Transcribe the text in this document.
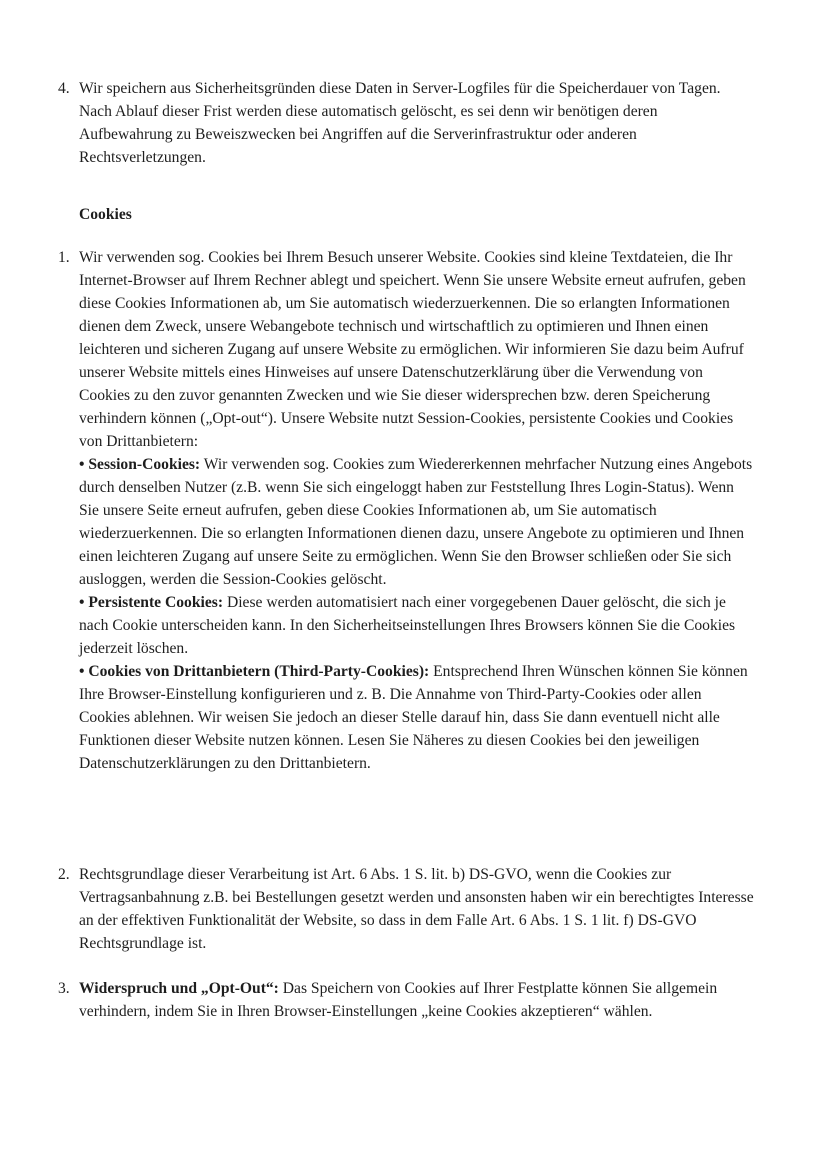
4. Wir speichern aus Sicherheitsgründen diese Daten in Server-Logfiles für die Speicherdauer von Tagen. Nach Ablauf dieser Frist werden diese automatisch gelöscht, es sei denn wir benötigen deren Aufbewahrung zu Beweiszwecken bei Angriffen auf die Serverinfrastruktur oder anderen Rechtsverletzungen.

Cookies
1. Wir verwenden sog. Cookies bei Ihrem Besuch unserer Website. Cookies sind kleine Textdateien, die Ihr Internet-Browser auf Ihrem Rechner ablegt und speichert. Wenn Sie unsere Website erneut aufrufen, geben diese Cookies Informationen ab, um Sie automatisch wiederzuerkennen. Die so erlangten Informationen dienen dem Zweck, unsere Webangebote technisch und wirtschaftlich zu optimieren und Ihnen einen leichteren und sicheren Zugang auf unsere Website zu ermöglichen. Wir informieren Sie dazu beim Aufruf unserer Website mittels eines Hinweises auf unsere Datenschutzerklärung über die Verwendung von Cookies zu den zuvor genannten Zwecken und wie Sie dieser widersprechen bzw. deren Speicherung verhindern können („Opt-out“). Unsere Website nutzt Session-Cookies, persistente Cookies und Cookies von Drittanbietern:

• Session-Cookies: Wir verwenden sog. Cookies zum Wiedererkennen mehrfacher Nutzung eines Angebots durch denselben Nutzer (z.B. wenn Sie sich eingeloggt haben zur Feststellung Ihres Login-Status). Wenn Sie unsere Seite erneut aufrufen, geben diese Cookies Informationen ab, um Sie automatisch wiederzuerkennen. Die so erlangten Informationen dienen dazu, unsere Angebote zu optimieren und Ihnen einen leichteren Zugang auf unsere Seite zu ermöglichen. Wenn Sie den Browser schließen oder Sie sich ausloggen, werden die Session-Cookies gelöscht.

• Persistente Cookies: Diese werden automatisiert nach einer vorgegebenen Dauer gelöscht, die sich je nach Cookie unterscheiden kann. In den Sicherheitseinstellungen Ihres Browsers können Sie die Cookies jederzeit löschen.

• Cookies von Drittanbietern (Third-Party-Cookies): Entsprechend Ihren Wünschen können Sie können Ihre Browser-Einstellung konfigurieren und z. B. Die Annahme von Third-Party-Cookies oder allen Cookies ablehnen. Wir weisen Sie jedoch an dieser Stelle darauf hin, dass Sie dann eventuell nicht alle Funktionen dieser Website nutzen können. Lesen Sie Näheres zu diesen Cookies bei den jeweiligen Datenschutzerklärungen zu den Drittanbietern.

2. Rechtsgrundlage dieser Verarbeitung ist Art. 6 Abs. 1 S. lit. b) DS-GVO, wenn die Cookies zur Vertragsanbahnung z.B. bei Bestellungen gesetzt werden und ansonsten haben wir ein berechtigtes Interesse an der effektiven Funktionalität der Website, so dass in dem Falle Art. 6 Abs. 1 S. 1 lit. f) DS-GVO Rechtsgrundlage ist.

3. Widerspruch und „Opt-Out“: Das Speichern von Cookies auf Ihrer Festplatte können Sie allgemein verhindern, indem Sie in Ihren Browser-Einstellungen „keine Cookies akzeptieren“ wählen.
